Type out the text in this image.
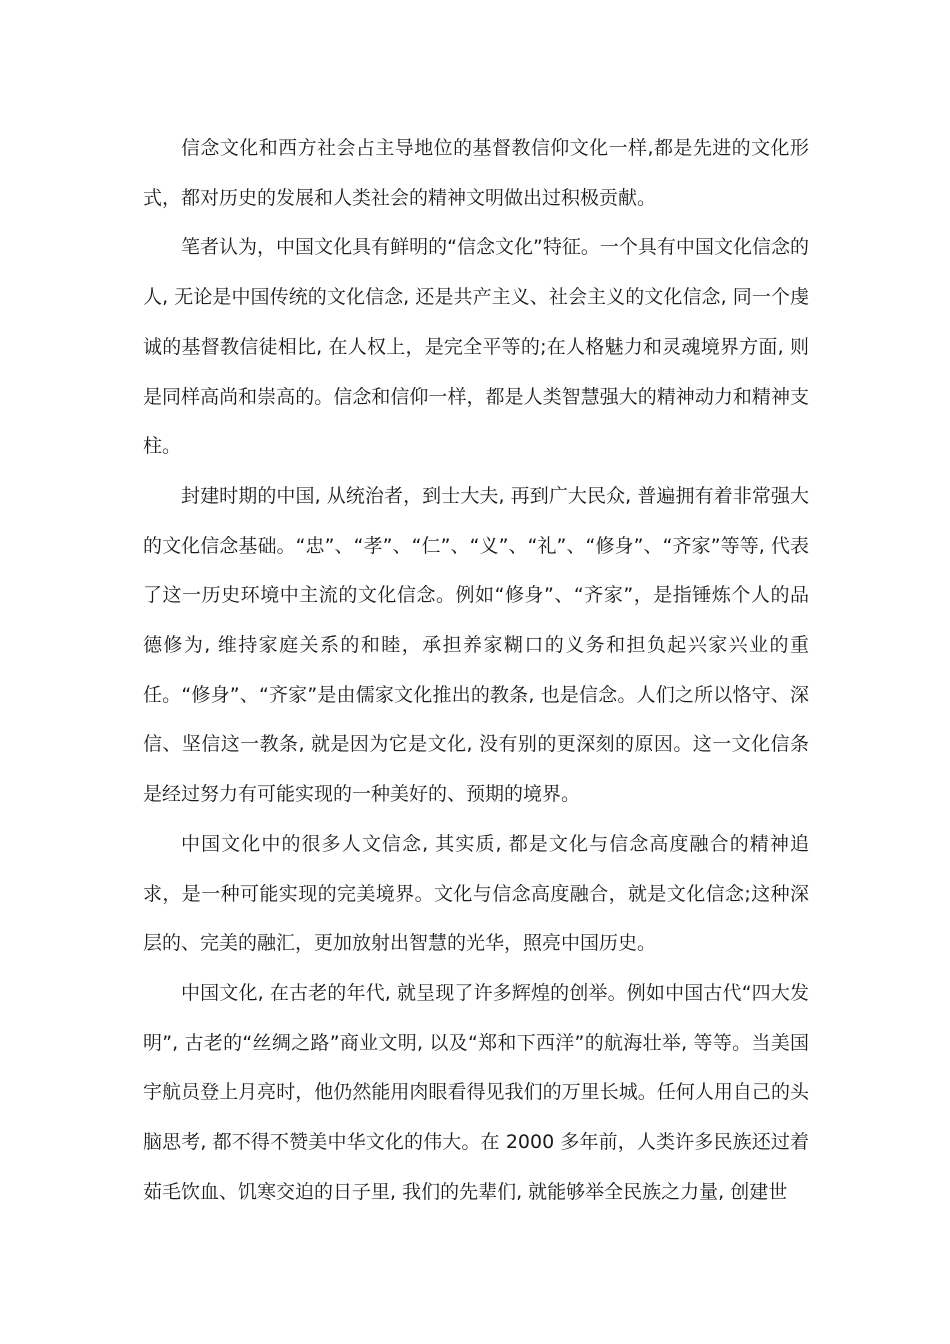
信念文化和西方社会占主导地位的基督教信仰文化一样,都是先进的文化形式，都对历史的发展和人类社会的精神文明做出过积极贡献。

笔者认为，中国文化具有鲜明的“信念文化”特征。一个具有中国文化信念的人, 无论是中国传统的文化信念, 还是共产主义、社会主义的文化信念, 同一个虔诚的基督教信徒相比, 在人权上，是完全平等的;在人格魅力和灵魂境界方面, 则是同样高尚和崇高的。信念和信仰一样，都是人类智慧强大的精神动力和精神支柱。

封建时期的中国, 从统治者，到士大夫, 再到广大民众, 普遍拥有着非常强大的文化信念基础。“忠”、“孝”、“仁”、“义”、“礼”、“修身”、“齐家”等等, 代表了这一历史环境中主流的文化信念。例如“修身”、“齐家”，是指锤炼个人的品德修为, 维持家庭关系的和睦，承担养家糊口的义务和担负起兴家兴业的重任。“修身”、“齐家”是由儒家文化推出的教条, 也是信念。人们之所以恪守、深信、坚信这一教条, 就是因为它是文化, 没有别的更深刻的原因。这一文化信条是经过努力有可能实现的一种美好的、预期的境界。

中国文化中的很多人文信念, 其实质, 都是文化与信念高度融合的精神追求，是一种可能实现的完美境界。文化与信念高度融合，就是文化信念;这种深层的、完美的融汇，更加放射出智慧的光华，照亮中国历史。

中国文化, 在古老的年代, 就呈现了许多辉煌的创举。例如中国古代“四大发明”, 古老的“丝绸之路”商业文明, 以及“郑和下西洋”的航海壮举, 等等。当美国宇航员登上月亮时，他仍然能用肉眼看得见我们的万里长城。任何人用自己的头脑思考, 都不得不赞美中华文化的伟大。在 2000 多年前，人类许多民族还过着茹毛饮血、饥寒交迫的日子里, 我们的先辈们, 就能够举全民族之力量, 创建世
